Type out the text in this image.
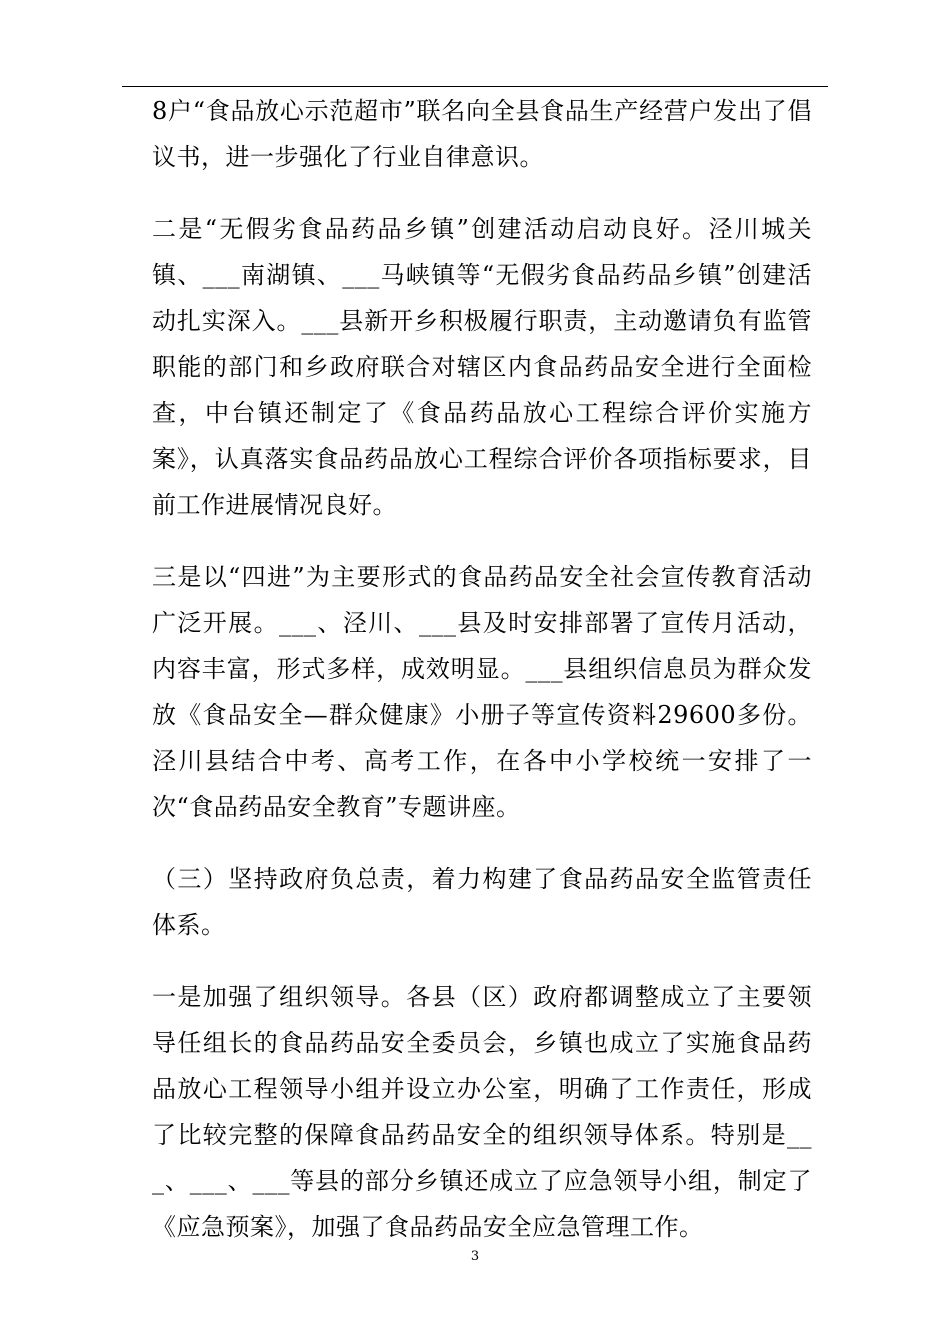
8户“食品放心示范超市”联名向全县食品生产经营户发出了倡议书，进一步强化了行业自律意识。

二是“无假劣食品药品乡镇”创建活动启动良好。泾川城关镇、___南湖镇、___马峡镇等“无假劣食品药品乡镇”创建活动扎实深入。___县新开乡积极履行职责，主动邀请负有监管职能的部门和乡政府联合对辖区内食品药品安全进行全面检查，中台镇还制定了《食品药品放心工程综合评价实施方案》，认真落实食品药品放心工程综合评价各项指标要求，目前工作进展情况良好。

三是以“四进”为主要形式的食品药品安全社会宣传教育活动广泛开展。___、泾川、___县及时安排部署了宣传月活动，内容丰富，形式多样，成效明显。___县组织信息员为群众发放《食品安全—群众健康》小册子等宣传资料29600多份。泾川县结合中考、高考工作，在各中小学校统一安排了一次“食品药品安全教育”专题讲座。

（三）坚持政府负总责，着力构建了食品药品安全监管责任体系。

一是加强了组织领导。各县（区）政府都调整成立了主要领导任组长的食品药品安全委员会，乡镇也成立了实施食品药品放心工程领导小组并设立办公室，明确了工作责任，形成了比较完整的保障食品药品安全的组织领导体系。特别是___、___、___等县的部分乡镇还成立了应急领导小组，制定了《应急预案》，加强了食品药品安全应急管理工作。

3
